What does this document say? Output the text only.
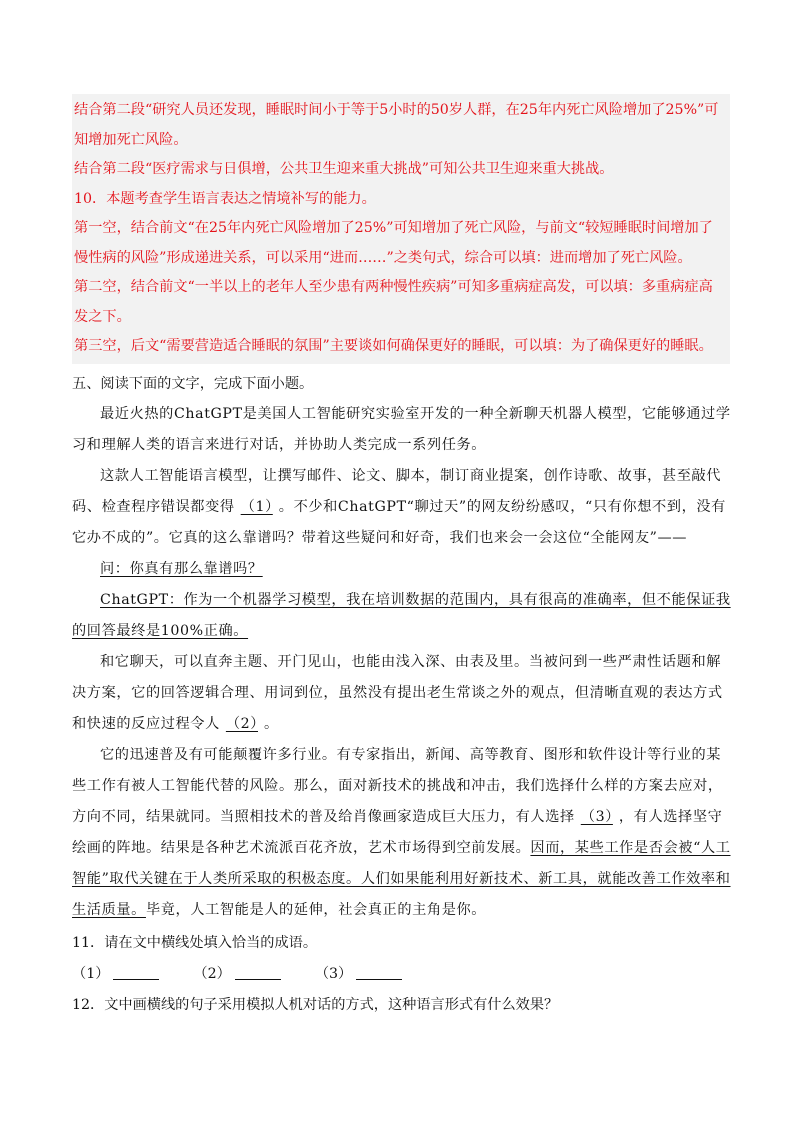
结合第二段“研究人员还发现，睡眠时间小于等于5小时的50岁人群，在25年内死亡风险增加了25%”可

知增加死亡风险。

结合第二段“医疗需求与日俱增，公共卫生迎来重大挑战”可知公共卫生迎来重大挑战。

10．本题考查学生语言表达之情境补写的能力。

第一空，结合前文“在25年内死亡风险增加了25%”可知增加了死亡风险，与前文“较短睡眠时间增加了

慢性病的风险”形成递进关系，可以采用“进而……”之类句式，综合可以填：进而增加了死亡风险。

第二空，结合前文“一半以上的老年人至少患有两种慢性疾病”可知多重病症高发，可以填：多重病症高

发之下。

第三空，后文“需要营造适合睡眠的氛围”主要谈如何确保更好的睡眠，可以填：为了确保更好的睡眠。

五、阅读下面的文字，完成下面小题。

最近火热的ChatGPT是美国人工智能研究实验室开发的一种全新聊天机器人模型，它能够通过学习和理解人类的语言来进行对话，并协助人类完成一系列任务。

这款人工智能语言模型，让撰写邮件、论文、脚本，制订商业提案，创作诗歌、故事，甚至敲代码、检查程序错误都变得 （1） 。不少和ChatGPT“聊过天”的网友纷纷感叹，“只有你想不到，没有它办不成的”。它真的这么靠谱吗？带着这些疑问和好奇，我们也来会一会这位“全能网友”——

问：你真有那么靠谱吗？

ChatGPT：作为一个机器学习模型，我在培训数据的范围内，具有很高的准确率，但不能保证我的回答最终是100%正确。

和它聊天，可以直奔主题、开门见山，也能由浅入深、由表及里。当被问到一些严肃性话题和解决方案，它的回答逻辑合理、用词到位，虽然没有提出老生常谈之外的观点，但清晰直观的表达方式和快速的反应过程令人 （2） 。

它的迅速普及有可能颠覆许多行业。有专家指出，新闻、高等教育、图形和软件设计等行业的某些工作有被人工智能代替的风险。那么，面对新技术的挑战和冲击，我们选择什么样的方案去应对，方向不同，结果就同。当照相技术的普及给肖像画家造成巨大压力，有人选择 （3） ，有人选择坚守绘画的阵地。结果是各种艺术流派百花齐放，艺术市场得到空前发展。因而，某些工作是否会被“人工智能”取代关键在于人类所采取的积极态度。人们如果能利用好新技术、新工具，就能改善工作效率和生活质量。毕竟，人工智能是人的延伸，社会真正的主角是你。

11．请在文中横线处填入恰当的成语。

（1）	（2）	（3）

12．文中画横线的句子采用模拟人机对话的方式，这种语言形式有什么效果？
